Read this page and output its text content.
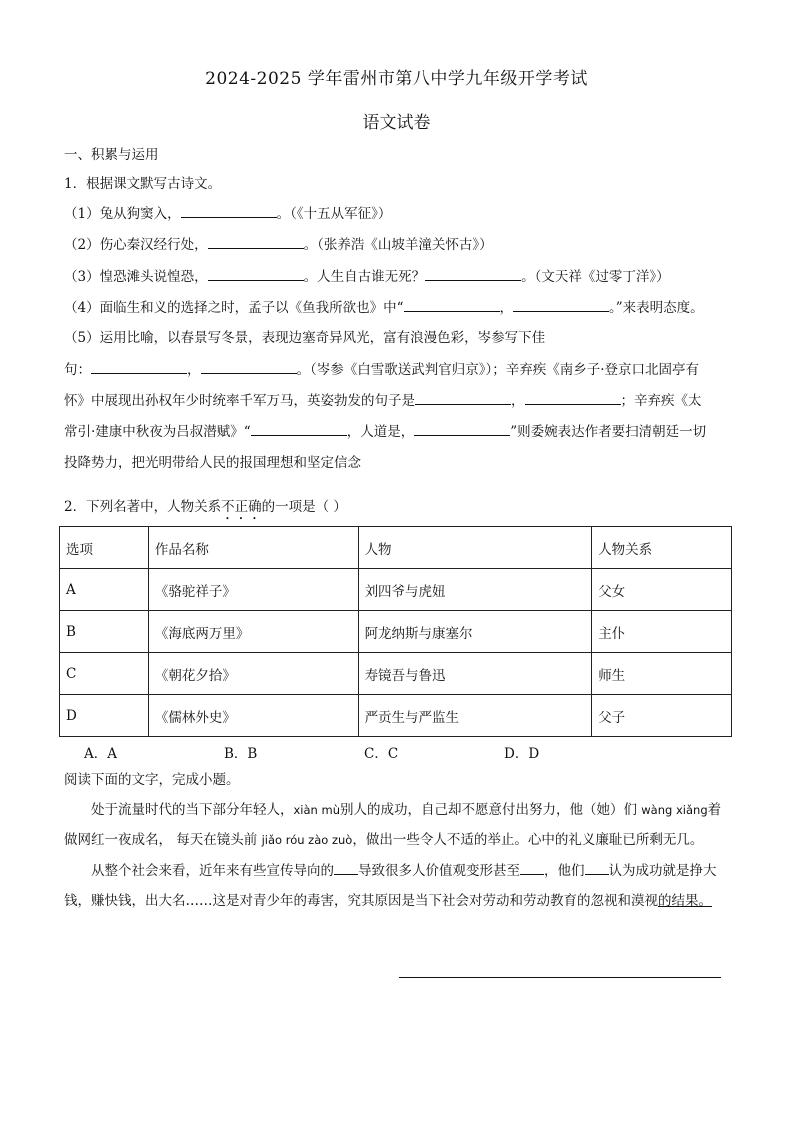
2024-2025 学年雷州市第八中学九年级开学考试
语文试卷
一、积累与运用
1．根据课文默写古诗文。
（1）兔从狗窦入，	。（《十五从军征》）
（2）伤心秦汉经行处，	。（张养浩《山坡羊潼关怀古》）
（3）惶恐滩头说惶恐，	。人生自古谁无死？	。（文天祥《过零丁洋》）
（4）面临生和义的选择之时，孟子以《鱼我所欲也》中“	，	。”来表明态度。
（5）运用比喻，以春景写冬景，表现边塞奇异风光，富有浪漫色彩，岑参写下佳
句：	，	。（岑参《白雪歌送武判官归京》）；辛弃疾《南乡子·登京口北固亭有
怀》中展现出孙权年少时统率千军万马，英姿勃发的句子是	，	；辛弃疾《太
常引·建康中秋夜为吕叔潜赋》“	，人道是，	”则委婉表达作者要扫清朝廷一切
投降势力，把光明带给人民的报国理想和坚定信念
2．下列名著中，人物关系不正确的一项是（ ）
选项	作品名称	人物	人物关系
A	《骆驼祥子》	刘四爷与虎妞	父女
B	《海底两万里》	阿龙纳斯与康塞尔	主仆
C	《朝花夕拾》	寿镜吾与鲁迅	师生
D	《儒林外史》	严贡生与严监生	父子
A．A	B．B	C．C	D．D
阅读下面的文字，完成小题。
处于流量时代的当下部分年轻人，xiàn mù别人的成功，自己却不愿意付出努力，他（她）们 wàng xiǎng着做网红一夜成名， 每天在镜头前 jiǎo róu zào zuò，做出一些令人不适的举止。心中的礼义廉耻已所剩无几。
从整个社会来看，近年来有些宣传导向的 导致很多人价值观变形甚至 ，他们 认为成功就是挣大钱，赚快钱，出大名……这是对青少年的毒害，究其原因是当下社会对劳动和劳动教育的忽视和漠视的结果。
